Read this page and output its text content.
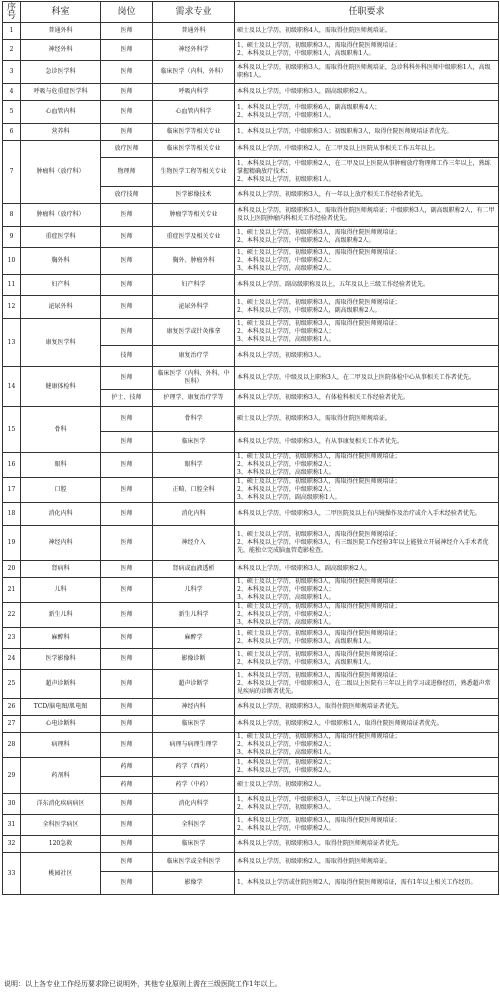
序号	科室	岗位	需求专业	任职要求
1	普通外科	医师	普通外科	硕士及以上学历，初级职称4人，需取得住院医师规培证。
2	神经外科	医师	神经外科学	1、硕士及以上学历，初级职称3人，需取得住院医师规培证；
2、本科及以上学历，中级职称1人，高级职称1人。
3	急诊医学科	医师	临床医学（内科、外科）	本科及以上学历，初级职称3人，需取得住院医师规培证，急诊科科外科医师中级职称1人，高级职称1人。
4	呼吸与危重症医学科	医师	呼吸内科学	本科及以上学历，中级职称3人，副高级职称2人。
5	心血管内科	医师	心血管内科学	1、本科及以上学历，中级职称6人，副高级职称4人；
2、本科及以上学历，中级职称1人。
6	营养科	医师	临床医学等相关专业	1、本科及以上学历，中级职称3人；初级职称3人，取得住院医师规培证者优先。
7	肿瘤科（放疗科）	放疗医师	临床医学等相关专业	本科及以上学历，中级职称2人，在二甲及以上医院从事相关工作五年以上。
		物理师	生物医学工程等相关专业	1、本科及以上学历，中级职称2人，在二甲及以上医院从事肿瘤放疗物理师工作三年以上，熟练掌握精确放疗技术；
2、本科及以上学历，初级职称1人。
		放疗技师	医学影像技术	本科及以上学历，初级职称3人，有一年以上放疗相关工作经验者优先。
8	肿瘤科（放疗科）	医师	肿瘤学等相关专业	本科及以上学历，初级职称3人，需取得住院医师规培证；中级职称3人，副高级职称2人，有二甲及以上医院肿瘤内科相关工作经验者优先。
9	重症医学科	医师	重症医学及相关专业	1、硕士及以上学历，初级职称3人，需取得住院医师规培证；
2、本科及以上学历，中级职称2人，高级职称2人。
10	胸外科	医师	胸外、肿瘤外科	1、硕士及以上学历，初级职称3人，需取得住院医师规培证；
2、本科及以上学历，中级职称2人；
3、本科及以上学历，高级职称2人。
11	妇产科	医师	妇产科学	本科及以上学历，副高级职称及以上，五年及以上三级工作经验者优先。
12	泌尿外科	医师	泌尿外科学	1、硕士及以上学历，初级职称3人，需取得住院医师规培证；
2、本科及以上学历，中级职称2人，副高级职称2人。
13	康复医学科	医师	康复医学或针灸推拿	1、硕士及以上学历，初级职称3人，需取得住院医师规培证；
2、本科及以上学历，中级职称2人；
3、本科及以上学历，高级职称1人。
		技师	康复治疗学	本科及以上学历，初级职称3人。
14	健康体检科	医师	临床医学（内科、外科、中医科）	本科及以上学历，中级及以上职称3人，在二甲及以上医院体检中心从事相关工作者优先。
		护士、技师	护理学、康复治疗学等	本科及以上学历，初级职称3人，有体检科相关工作经验者优先。
15	骨科	医师	骨科学	硕士及以上学历，初级职称3人，需取得住院医师规培证。
		医师	临床医学	本科及以上学历，中级职称3人，有从事康复相关工作者优先。
16	眼科	医师	眼科学	1、硕士及以上学历，初级职称3人，需取得住院医师规培证；
2、本科及以上学历，中级职称2人；
3、本科及以上学历，高级职称1人。
17	口腔	医师	正畸、口腔全科	1、硕士及以上学历，初级职称3人，需取得住院医师规培证；
2、本科及以上学历，中级职称2人；
3、本科及以上学历，副高级职称1人。
18	消化内科	医师	消化内科	本科及以上学历，中级职称3人，二甲医院及以上有内镜操作及治疗或介入手术经验者优先。
19	神经内科	医师	神经介入	1、硕士及以上学历，初级职称3人，需取得住院医师规培证；
2、本科及以上学历，中级职称3人，有三级医院工作经验3年以上能独立开展神经介入手术者优先，能独立完成脑血管造影检查。
20	肾病科	医师	肾病或血液透析	本科及以上学历，中级职称3人，副高级职称2人。
21	儿科	医师	儿科学	1、硕士及以上学历，初级职称3人，需取得住院医师规培证；
2、本科及以上学历，中级职称2人；
3、本科及以上学历，高级职称1人。
22	新生儿科	医师	新生儿科学	1、硕士及以上学历，初级职称3人，需取得住院医师规培证；
2、本科及以上学历，中级职称2人；
3、本科及以上学历，高级职称1人。
23	麻醉科	医师	麻醉学	1、硕士及以上学历，初级职称3人，需取得住院医师规培证；
2、本科及以上学历，中级职称3人，高级职称1人。
24	医学影像科	医师	影像诊断	1、硕士及以上学历，初级职称3人，需取得住院医师规培证；
2、本科及以上学历，中级职称3人，高级职称1人。
25	超声诊断科	医师	超声诊断学	1、本科及以上学历，初级职称3人，需取得住院医师规培证；
2、本科及以上学历，中级职称3人，在二级以上医院有三年以上的学习或进修经历，熟悉超声常见疾病的诊断者优先。
26	TCD/脑电图/肌电图	医师	神经内科	本科及以上学历，初级职称3人，取得住院医师规培证者优先。
27	心电诊断科	医师	临床医学	本科及以上学历，初级职称2人，中级职称1人，取得住院医师规培证者优先。
28	病理科	医师	病理与病理生理学	1、硕士及以上学历，初级职称3人，需取得住院医师规培证；
2、本科及以上学历，中级职称2人；
3、本科及以上学历，高级职称1人。
29	药剂科	药师	药学（西药）	1、本科及以上学历，初级职称2人；
2、本科及以上学历，中级职称2人。
		药师	药学（中药）	硕士及以上学历，初级职称2人。
30	洋东消化疾病病区	医师	消化内科学	1、本科及以上学历，中级职称3人，三年以上内镜工作经验；
2、本科及以上学历，初级职称3人。
31	全科医学病区	医师	全科医学	1、本科及以上学历，初级职称3人，需取得住院医师规培证；
2、本科及以上学历，中级职称2人。
32	120急救	医师	临床医学	本科及以上学历，初级职称3人，取得住院医师规培证者优先。
33	桃园社区	医师	临床医学或全科医学	本科及以上学历，初级职称2人，需取得住院医师规培证。
		医师	影像学	1、本科及以上学历或住院医师2人，需取得住院医师规培证，需有1年以上相关工作经历。
说明：以上各专业工作经历要求除已说明外，其他专业原则上需在三级医院工作1年以上。
